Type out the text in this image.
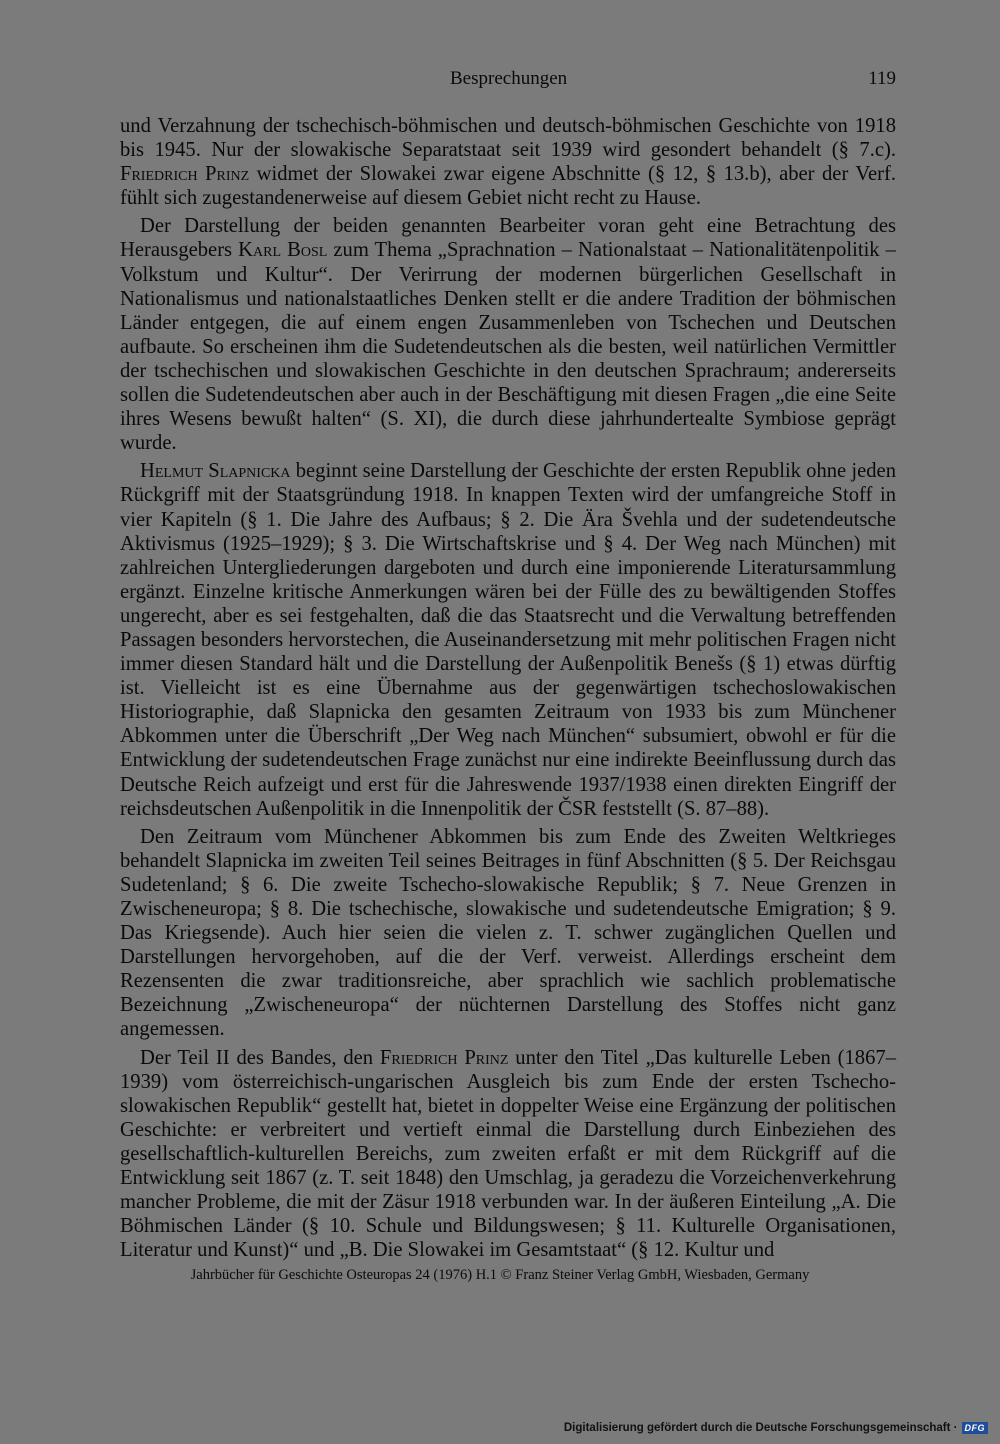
Besprechungen	119

und Verzahnung der tschechisch-böhmischen und deutsch-böhmischen Geschichte von 1918 bis 1945. Nur der slowakische Separatstaat seit 1939 wird gesondert behandelt (§ 7.c). Friedrich Prinz widmet der Slowakei zwar eigene Abschnitte (§ 12, § 13.b), aber der Verf. fühlt sich zugestandenerweise auf diesem Gebiet nicht recht zu Hause.

Der Darstellung der beiden genannten Bearbeiter voran geht eine Betrachtung des Herausgebers Karl Bosl zum Thema „Sprachnation – Nationalstaat – Nationalitätenpolitik – Volkstum und Kultur“. Der Verirrung der modernen bürgerlichen Gesellschaft in Nationalismus und nationalstaatliches Denken stellt er die andere Tradition der böhmischen Länder entgegen, die auf einem engen Zusammenleben von Tschechen und Deutschen aufbaute. So erscheinen ihm die Sudetendeutschen als die besten, weil natürlichen Vermittler der tschechischen und slowakischen Geschichte in den deutschen Sprachraum; andererseits sollen die Sudetendeutschen aber auch in der Beschäftigung mit diesen Fragen „die eine Seite ihres Wesens bewußt halten“ (S. XI), die durch diese jahrhundertealte Symbiose geprägt wurde.

Helmut Slapnicka beginnt seine Darstellung der Geschichte der ersten Republik ohne jeden Rückgriff mit der Staatsgründung 1918. In knappen Texten wird der umfangreiche Stoff in vier Kapiteln (§ 1. Die Jahre des Aufbaus; § 2. Die Ära Švehla und der sudetendeutsche Aktivismus (1925–1929); § 3. Die Wirtschaftskrise und § 4. Der Weg nach München) mit zahlreichen Untergliederungen dargeboten und durch eine imponierende Literatursammlung ergänzt. Einzelne kritische Anmerkungen wären bei der Fülle des zu bewältigenden Stoffes ungerecht, aber es sei festgehalten, daß die das Staatsrecht und die Verwaltung betreffenden Passagen besonders hervorstechen, die Auseinandersetzung mit mehr politischen Fragen nicht immer diesen Standard hält und die Darstellung der Außenpolitik Benešs (§ 1) etwas dürftig ist. Vielleicht ist es eine Übernahme aus der gegenwärtigen tschechoslowakischen Historiographie, daß Slapnicka den gesamten Zeitraum von 1933 bis zum Münchener Abkommen unter die Überschrift „Der Weg nach München“ subsumiert, obwohl er für die Entwicklung der sudetendeutschen Frage zunächst nur eine indirekte Beeinflussung durch das Deutsche Reich aufzeigt und erst für die Jahreswende 1937/1938 einen direkten Eingriff der reichsdeutschen Außenpolitik in die Innenpolitik der ČSR feststellt (S. 87–88).

Den Zeitraum vom Münchener Abkommen bis zum Ende des Zweiten Weltkrieges behandelt Slapnicka im zweiten Teil seines Beitrages in fünf Abschnitten (§ 5. Der Reichsgau Sudetenland; § 6. Die zweite Tschecho-slowakische Republik; § 7. Neue Grenzen in Zwischeneuropa; § 8. Die tschechische, slowakische und sudetendeutsche Emigration; § 9. Das Kriegsende). Auch hier seien die vielen z. T. schwer zugänglichen Quellen und Darstellungen hervorgehoben, auf die der Verf. verweist. Allerdings erscheint dem Rezensenten die zwar traditionsreiche, aber sprachlich wie sachlich problematische Bezeichnung „Zwischeneuropa“ der nüchternen Darstellung des Stoffes nicht ganz angemessen.

Der Teil II des Bandes, den Friedrich Prinz unter den Titel „Das kulturelle Leben (1867–1939) vom österreichisch-ungarischen Ausgleich bis zum Ende der ersten Tschecho-slowakischen Republik“ gestellt hat, bietet in doppelter Weise eine Ergänzung der politischen Geschichte: er verbreitert und vertieft einmal die Darstellung durch Einbeziehen des gesellschaftlich-kulturellen Bereichs, zum zweiten erfaßt er mit dem Rückgriff auf die Entwicklung seit 1867 (z. T. seit 1848) den Umschlag, ja geradezu die Vorzeichenverkehrung mancher Probleme, die mit der Zäsur 1918 verbunden war. In der äußeren Einteilung „A. Die Böhmischen Länder (§ 10. Schule und Bildungswesen; § 11. Kulturelle Organisationen, Literatur und Kunst)“ und „B. Die Slowakei im Gesamtstaat“ (§ 12. Kultur und

Jahrbücher für Geschichte Osteuropas 24 (1976) H.1 © Franz Steiner Verlag GmbH, Wiesbaden, Germany
Digitalisierung gefördert durch die Deutsche Forschungsgemeinschaft · DFG
